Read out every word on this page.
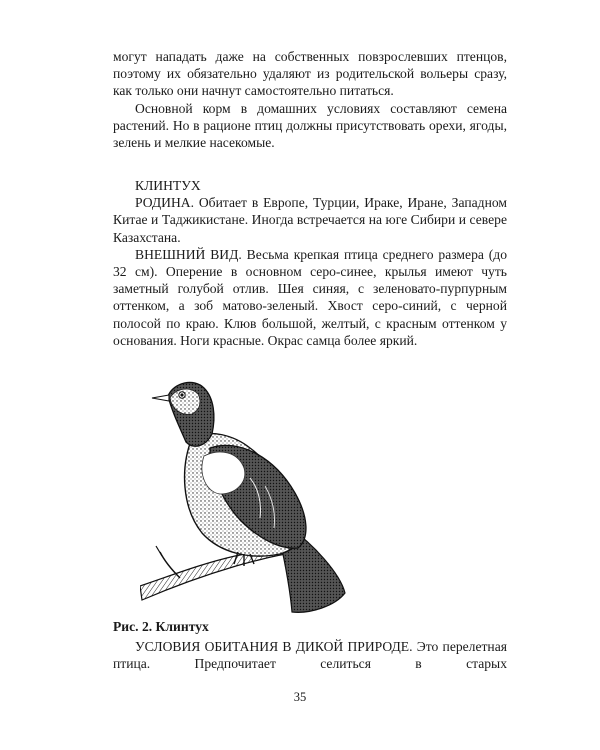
могут нападать даже на собственных повзрослевших птенцов, поэтому их обязательно удаляют из родительской вольеры сразу, как только они начнут самостоятельно питаться.

Основной корм в домашних условиях составляют семена растений. Но в рационе птиц должны присутствовать орехи, ягоды, зелень и мелкие насекомые.

КЛИНТУХ

РОДИНА. Обитает в Европе, Турции, Ираке, Иране, Западном Китае и Таджикистане. Иногда встречается на юге Сибири и севере Казахстана.

ВНЕШНИЙ ВИД. Весьма крепкая птица среднего размера (до 32 см). Оперение в основном серо-синее, крылья имеют чуть заметный голубой отлив. Шея синяя, с зеленовато-пурпурным оттенком, а зоб матово-зеленый. Хвост серо-синий, с черной полосой по краю. Клюв большой, желтый, с красным оттенком у основания. Ноги красные. Окрас самца более яркий.

Рис. 2. Клинтух

УСЛОВИЯ ОБИТАНИЯ В ДИКОЙ ПРИРОДЕ. Это перелетная птица. Предпочитает селиться в старых

35
